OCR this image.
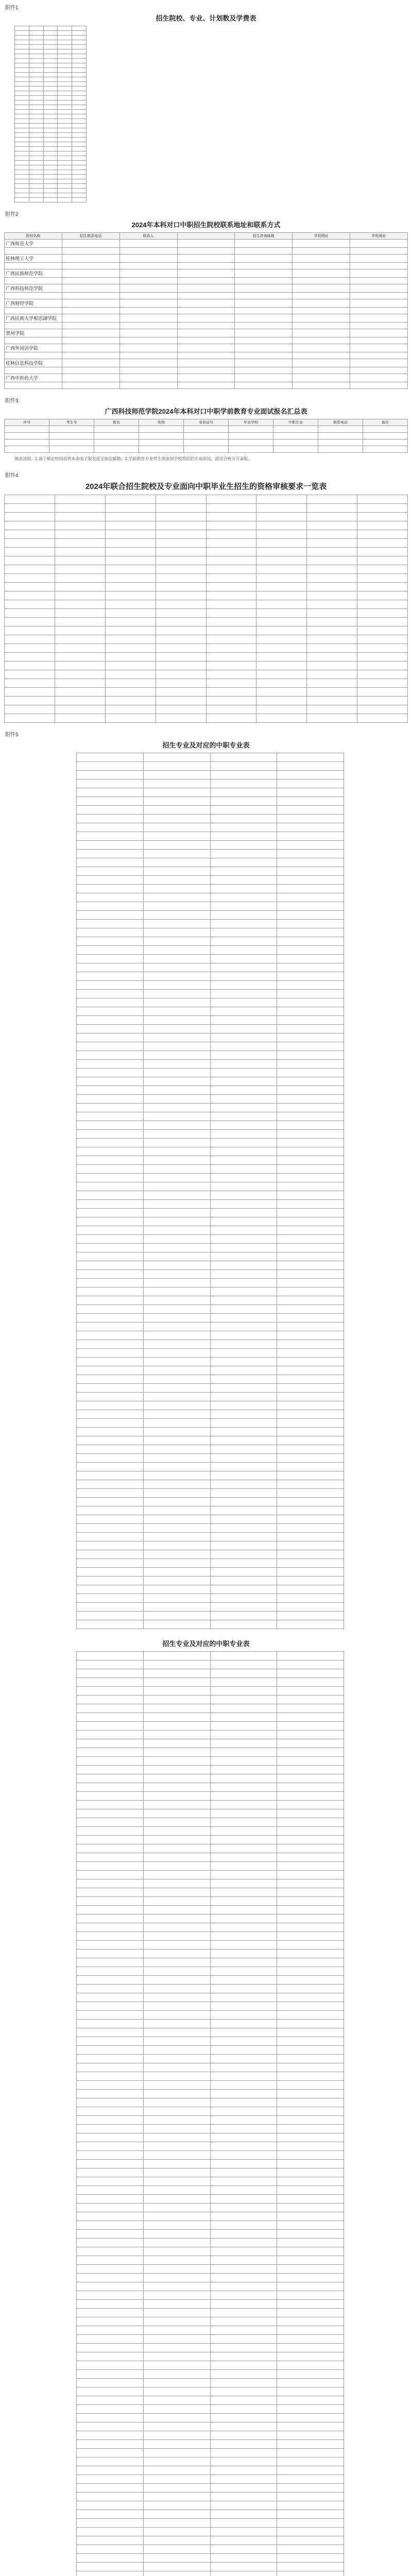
附件1
招生院校、专业、计划数及学费表

附件2
2024年本科对口中职招生院校联系地址和联系方式
院校名称	招生联系电话	联系人		招生咨询邮箱	学校网址	学校地址
广西师范大学						

桂林理工大学						

广西民族师范学院						

广西科技师范学院						

广西财经学院						

广西民族大学相思湖学院						

贺州学院						

广西外国语学院						

桂林信息科技学院						

广西中医药大学						

附件3
广西科技师范学院2024年本科对口中职学前教育专业面试报名汇总表
序号	考生号	姓名	性别	身份证号	毕业学校	中职专业	联系电话	备注

填表说明：1.请于规定时间前将本表电子版发送至指定邮箱；2.学前教育专业考生须参加学校组织的专业面试，面试合格方可录取。
附件4
2024年联合招生院校及专业面向中职毕业生招生的资格审核要求一览表

附件5
招生专业及对应的中职专业表

招生专业及对应的中职专业表
